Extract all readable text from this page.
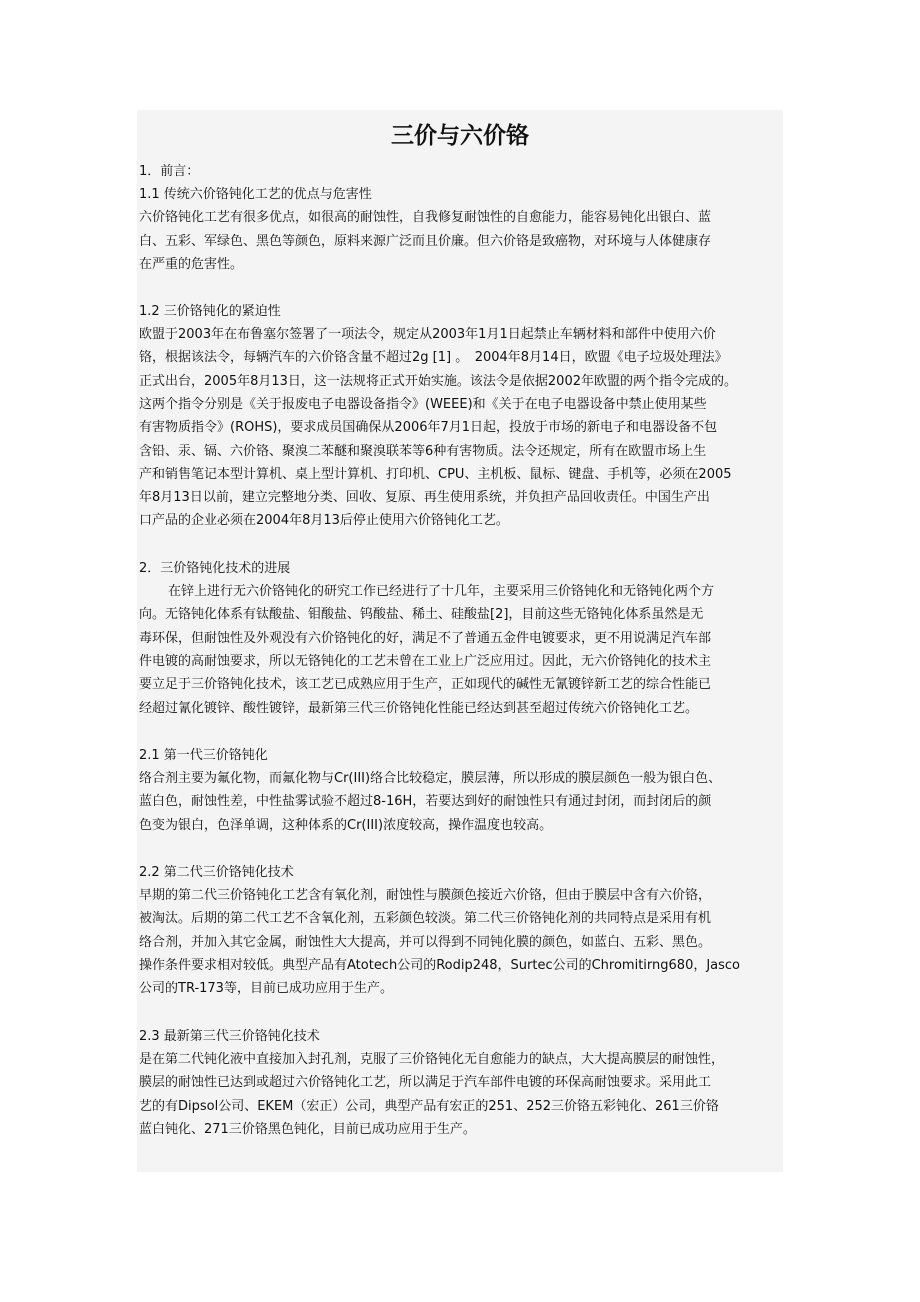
三价与六价铬

1．前言：

1.1 传统六价铬钝化工艺的优点与危害性

六价铬钝化工艺有很多优点，如很高的耐蚀性，自我修复耐蚀性的自愈能力，能容易钝化出银白、蓝

白、五彩、军绿色、黑色等颜色，原料来源广泛而且价廉。但六价铬是致癌物，对环境与人体健康存

在严重的危害性。

1.2 三价铬钝化的紧迫性

欧盟于2003年在布鲁塞尔签署了一项法令，规定从2003年1月1日起禁止车辆材料和部件中使用六价

铬，根据该法令，每辆汽车的六价铬含量不超过2g [1] 。　2004年8月14日，欧盟《电子垃圾处理法》

正式出台，2005年8月13日，这一法规将正式开始实施。该法令是依据2002年欧盟的两个指令完成的。

这两个指令分别是《关于报废电子电器设备指令》(WEEE)和《关于在电子电器设备中禁止使用某些

有害物质指令》(ROHS)，要求成员国确保从2006年7月1日起，投放于市场的新电子和电器设备不包

含铅、汞、镉、六价铬、聚溴二苯醚和聚溴联苯等6种有害物质。法令还规定，所有在欧盟市场上生

产和销售笔记本型计算机、桌上型计算机、打印机、CPU、主机板、鼠标、键盘、手机等，必须在2005

年8月13日以前，建立完整地分类、回收、复原、再生使用系统，并负担产品回收责任。中国生产出

口产品的企业必须在2004年8月13后停止使用六价铬钝化工艺。

2．三价铬钝化技术的进展

在锌上进行无六价铬钝化的研究工作已经进行了十几年，主要采用三价铬钝化和无铬钝化两个方

向。无铬钝化体系有钛酸盐、钼酸盐、钨酸盐、稀土、硅酸盐[2]，目前这些无铬钝化体系虽然是无

毒环保，但耐蚀性及外观没有六价铬钝化的好，满足不了普通五金件电镀要求，更不用说满足汽车部

件电镀的高耐蚀要求，所以无铬钝化的工艺未曾在工业上广泛应用过。因此，无六价铬钝化的技术主

要立足于三价铬钝化技术，该工艺已成熟应用于生产，正如现代的碱性无氰镀锌新工艺的综合性能已

经超过氰化镀锌、酸性镀锌，最新第三代三价铬钝化性能已经达到甚至超过传统六价铬钝化工艺。

2.1 第一代三价铬钝化

络合剂主要为氟化物，而氟化物与Cr(III)络合比较稳定，膜层薄，所以形成的膜层颜色一般为银白色、

蓝白色，耐蚀性差，中性盐雾试验不超过8-16H，若要达到好的耐蚀性只有通过封闭，而封闭后的颜

色变为银白，色泽单调，这种体系的Cr(III)浓度较高，操作温度也较高。

2.2 第二代三价铬钝化技术

早期的第二代三价铬钝化工艺含有氧化剂，耐蚀性与膜颜色接近六价铬，但由于膜层中含有六价铬，

被淘汰。后期的第二代工艺不含氧化剂，五彩颜色较淡。第二代三价铬钝化剂的共同特点是采用有机

络合剂，并加入其它金属，耐蚀性大大提高，并可以得到不同钝化膜的颜色，如蓝白、五彩、黑色。

操作条件要求相对较低。典型产品有Atotech公司的Rodip248，Surtec公司的Chromitirng680，Jasco

公司的TR-173等，目前已成功应用于生产。

2.3 最新第三代三价铬钝化技术

是在第二代钝化液中直接加入封孔剂，克服了三价铬钝化无自愈能力的缺点，大大提高膜层的耐蚀性，

膜层的耐蚀性已达到或超过六价铬钝化工艺，所以满足于汽车部件电镀的环保高耐蚀要求。采用此工

艺的有Dipsol公司、EKEM（宏正）公司，典型产品有宏正的251、252三价铬五彩钝化、261三价铬

蓝白钝化、271三价铬黑色钝化，目前已成功应用于生产。
